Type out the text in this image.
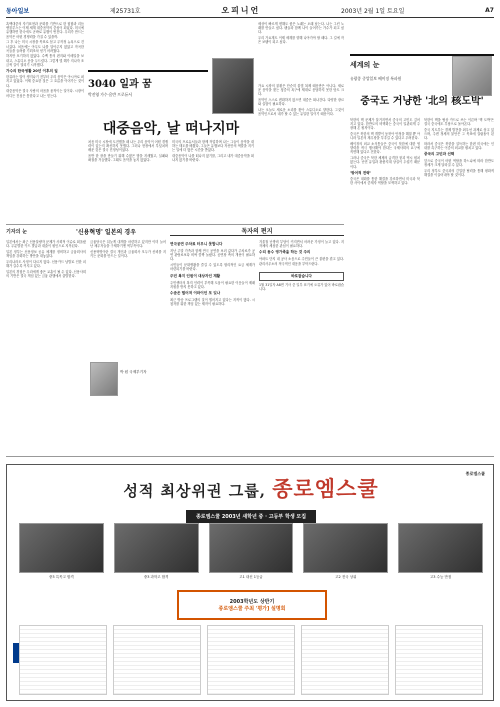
동아일보	제25731호	오피니언	2003년 2월 1일 토요일	A7

흑백대중의 자기표현과 문화를 기반으로 한 힙합과 리듬앤블루스는 이제 세계 대중음악의 중심이 되었다. 미국에 유행하면 한국에도 곧바로 유행이 번진다. 우리가 만드는 음악은 어떤 경쟁력을 가질 수 있을까.

그 후 나는 미국 시장을 목표로 삼고 무작정 뉴욕으로 건너갔다. 처음에는 아무도 나를 알아주지 않았고 작곡한 곡들을 들려줄 기회조차 얻기 어려웠다.

하지만 포기하지 않았다. 수백 통의 편지와 이메일을 보내고, 스튜디오 문을 두드렸다. 그렇게 몇 해가 지나자 조금씩 길이 열리기 시작했다.

가수의 한국생활 20년 이후의 일

한류라는 말이 생겨나기 전부터 우리 음악은 아시아로 퍼지고 있었다. 이제 중요한 것은 그 흐름을 이어가는 것이다.

대중음악은 결국 사람의 마음을 움직이는 일이다. 시장이 어디든 진심은 통한다고 나는 믿는다.

3040 일과 꿈
박진영 가수·음반 프로듀서
대중음악, 날 떠나지마

처음 미국 시장에 도전했을 때 나는 우리 음악이 어떤 경쟁력이 있는지 확신하지 못했다. 그러나 현장에서 부딪치며 배운 것은 결국 진정성이었다.

음반 한 장을 만들기 위해 수많은 밤을 지새웠고, 실패와 좌절을 거듭했다. 그래도 음악을 놓지 않았다.

미국의 프로듀서들과 함께 작업하며 나는 그들이 음악을 대하는 태도를 배웠다. 그들은 유행보다 자신만의 색깔을 지키는 일에 더 많은 시간을 쏟았다.

대중음악이 나를 떠나지 않기를, 그리고 내가 대중음악을 떠나지 않기를 바란다.

세상이 빠르게 변해도 좋은 노래는 오래 남는다. 나는 그런 노래를 만들고 싶다. 팬들과 함께 나이 들어가는 가수가 되고 싶다.

우리 가요계도 이제 세계를 향해 나아가야 할 때다. 그 길에 작은 보탬이 되고 싶다.

가요 시장의 불황은 단순히 불법 복제 때문만은 아니다. 새로운 음악을 찾는 청중의 욕구에 제대로 응답하지 못한 탓도 크다.

음악인 스스로 변화하지 않으면 대중은 떠나간다. 다양한 장르와 실험이 필요하다.

나는 오늘도 새로운 소리를 찾아 스튜디오로 향한다. 그것이 음악인으로서 내가 할 수 있는 유일한 일이기 때문이다.

세계의 눈
유광종 중앙일보 베이징 특파원
중국도 거냥한 '北의 核도박'

북한의 핵 문제가 불거지면서 중국의 고민도 깊어지고 있다. 한반도의 비핵화는 중국이 일관되게 주장해 온 원칙이다.

중국은 북한의 핵 개발이 동북아 안정을 해칠 뿐 아니라 일본의 재무장을 부추길 수 있다고 우려한다.

베이징의 외교 소식통들은 중국이 북한에 대한 영향력을 적극 행사해야 한다는 국제사회의 요구에 직면해 있다고 전한다.

그러나 중국은 북한 체제의 급격한 붕괴 역시 원치 않는다. 난민 유입과 완충지대 상실이 두렵기 때문이다.

'방어적 전략'

중국은 대화를 통한 해결을 강조하면서 미국과 북한 사이에서 중재자 역할을 모색하고 있다.

북한이 핵을 협상 카드로 쓰는 이른바 '핵 도박'은 결국 중국에도 부담으로 돌아온다.

중국 지도부는 경제 발전을 최우선 과제로 삼고 있으며, 주변 정세의 불안은 그 목표에 걸림돌이 된다.

따라서 중국은 북한을 설득하는 한편 미국에는 인내를 촉구하는 이중의 외교를 펼치고 있다.

중국의 고민과 선택

앞으로 중국이 어떤 역할을 하느냐에 따라 한반도 정세가 크게 달라질 수 있다.

우리 정부도 중국과의 긴밀한 협력을 통해 평화적 해결을 이끌어내야 할 것이다.

기자의 눈	'신용혁명' 일본의 경우

일본에서는 최근 신용불량자 문제가 사회적 이슈로 떠올랐다. 무분별한 카드 발급과 대출이 원인으로 지목된다.

일본 정부는 신용정보 공유 체계를 정비하고 금융회사의 책임을 강화하는 방안을 내놓았다.

우리나라도 사정이 다르지 않다. 신용카드 남발로 인한 피해가 갈수록 커지고 있다.

일본의 경험은 우리에게 좋은 교훈이 될 수 있다. 신용사회의 기반은 결국 책임 있는 금융 관행에서 출발한다.

금융당국은 뒤늦게 대책을 마련하고 있지만 이미 늘어난 채무자들을 구제하기엔 역부족이다.

신용혁명이란 결국 개인과 금융회사 모두가 신뢰를 지키는 문화를 만드는 일이다.

박 원 국제부기자
독자의 편지
연극공연 주차료 터무니 못합니다

지난 주말 가족과 함께 연극 공연을 보러 갔다가 주차료가 공연 관람료보다 비싸 깜짝 놀랐다. 공연장 측의 개선이 필요하다.

시민들이 문화생활을 즐길 수 있도록 합리적인 요금 체계가 마련되기를 바란다.

주민 복지 인원이 대상자인 재활

주민센터의 복지 인력이 부족해 도움이 필요한 이웃들이 제때 지원을 받지 못하고 있다.

수준은 떨어져 이라이언 모 잊나

최근 방송 프로그램의 질이 떨어지고 있다는 지적이 많다. 시청자를 위한 책임 있는 제작이 필요하다.

겨울철 난방비 부담이 커지면서 어려운 가정이 늘고 있다. 지자체의 세심한 관심이 필요하다.

수리 동수 영가족을 하는 것 주의

아파트 단지 내 공사 소음으로 주민들이 큰 불편을 겪고 있다. 관리사무소의 적극적인 대응을 부탁드린다.

바로잡습니다

1월 31일자 A8면 기사 중 일부 표기에 오류가 있어 바로잡습니다.

종로엠스쿨
성적 최상위권 그룹, 종로엠스쿨
종로엠스쿨 2003년 새학년 중 · 고등부 학생 모집
중3 특목고 합격	중3 과학고 합격	고1 내신 1등급	고2 전국 상위	고3 수능 만점
2003학년도 상반기
종로엠스쿨 주최 '평가] 설명회
